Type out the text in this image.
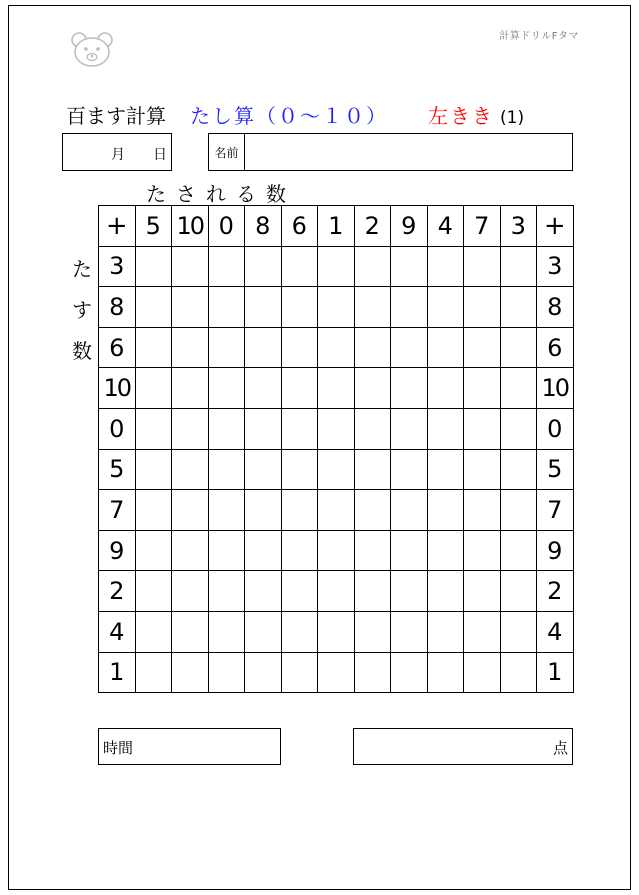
計算ドリルFタマ
百ます計算 たし算（０～１０） 左きき (1)
月 日	名前
たされる数
た
す
数
+	5	10	0	8	6	1	2	9	4	7	3	+
3												3
8												8
6												6
10												10
0												0
5												5
7												7
9												9
2												2
4												4
1												1
時間	点
